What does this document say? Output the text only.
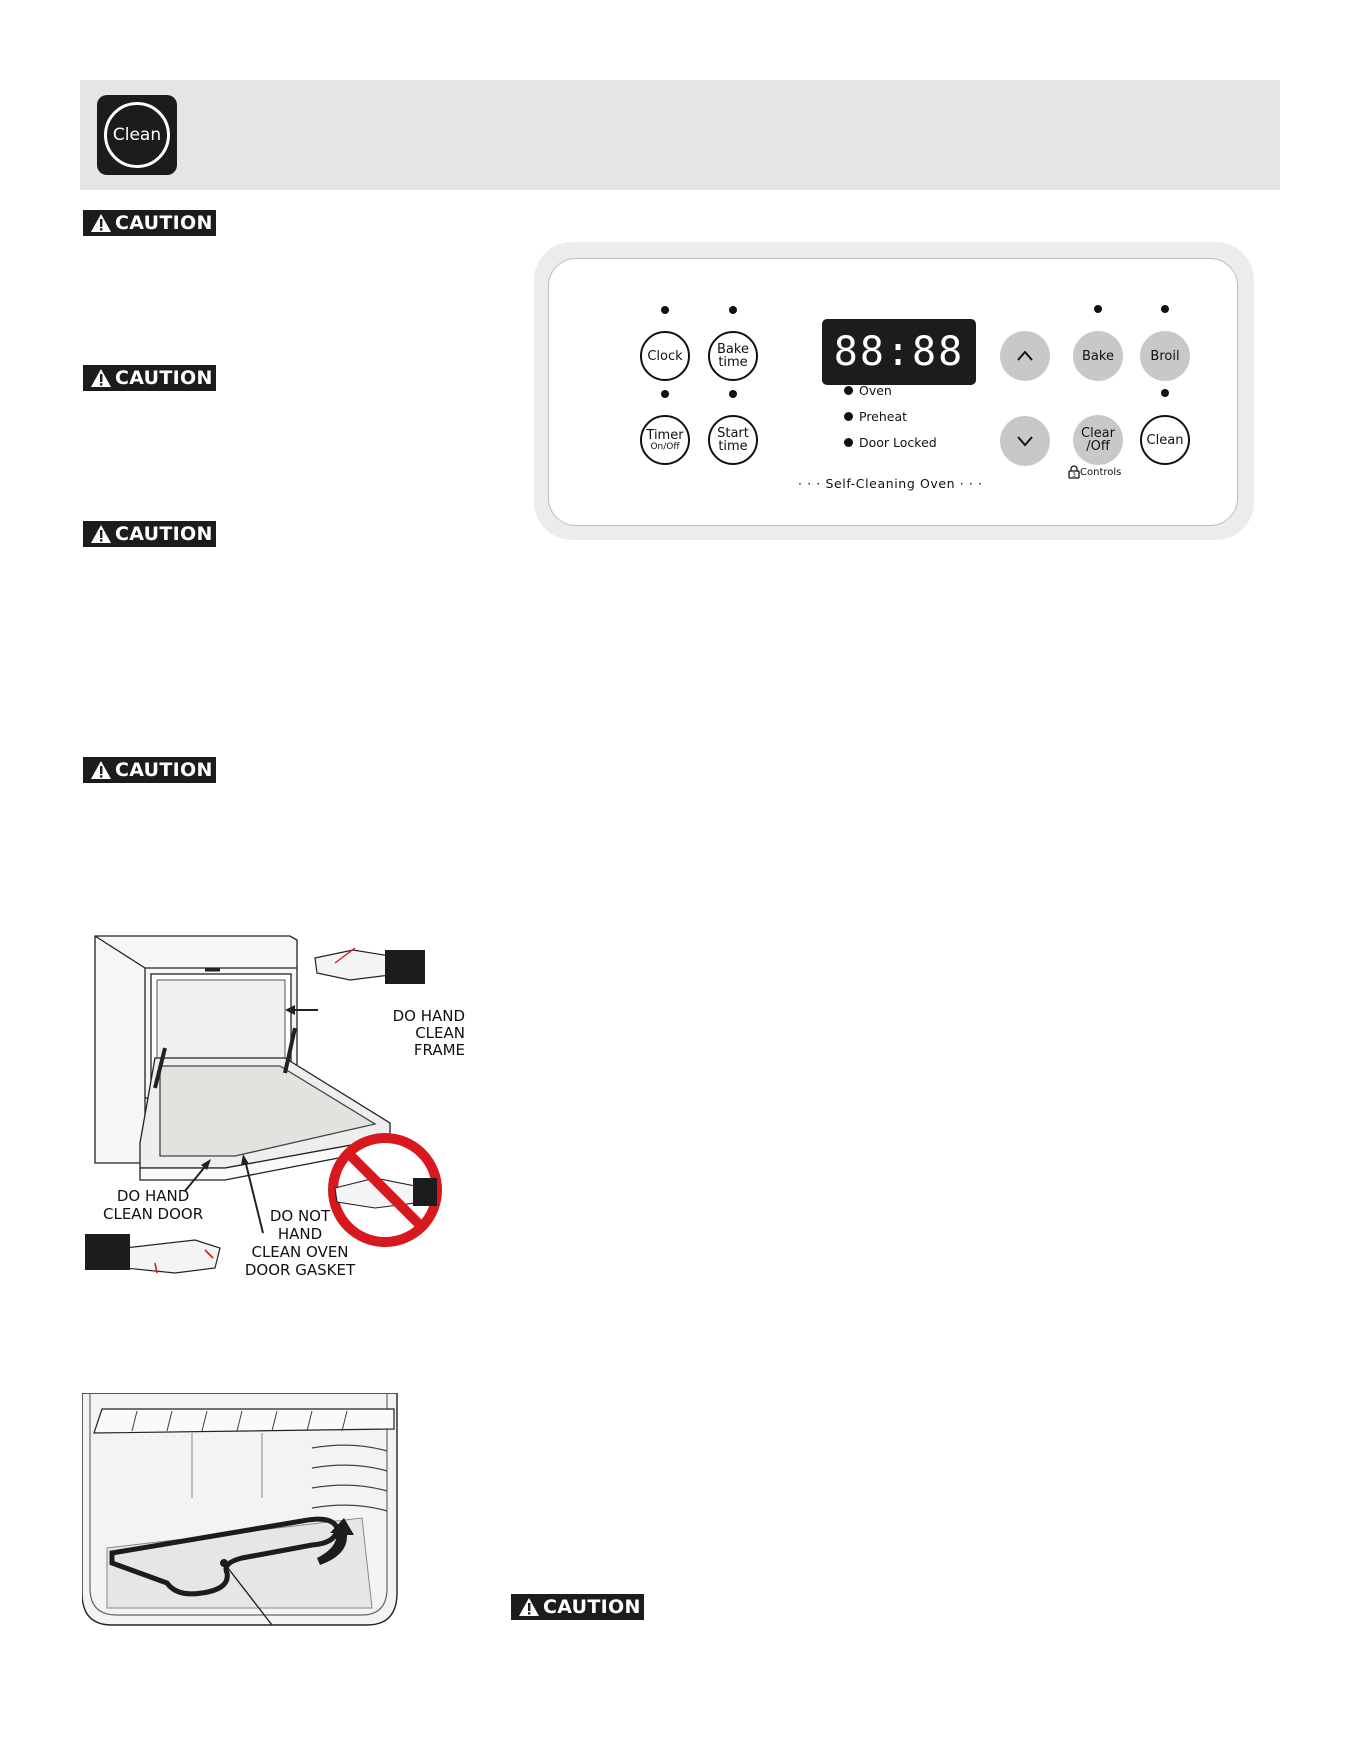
Clean
CAUTION
CAUTION
CAUTION
CAUTION
CAUTION
Clock	Bake
time
Timer
On/Off
Start
time
88:88
Oven
Preheat
Door Locked
· · · Self-Cleaning Oven · · ·
Bake	Broil
Clear
/Off	Clean
3 Controls
DO HAND
CLEAN FRAME
DO HAND
CLEAN DOOR	DO NOT
HAND
CLEAN OVEN
DOOR GASKET
